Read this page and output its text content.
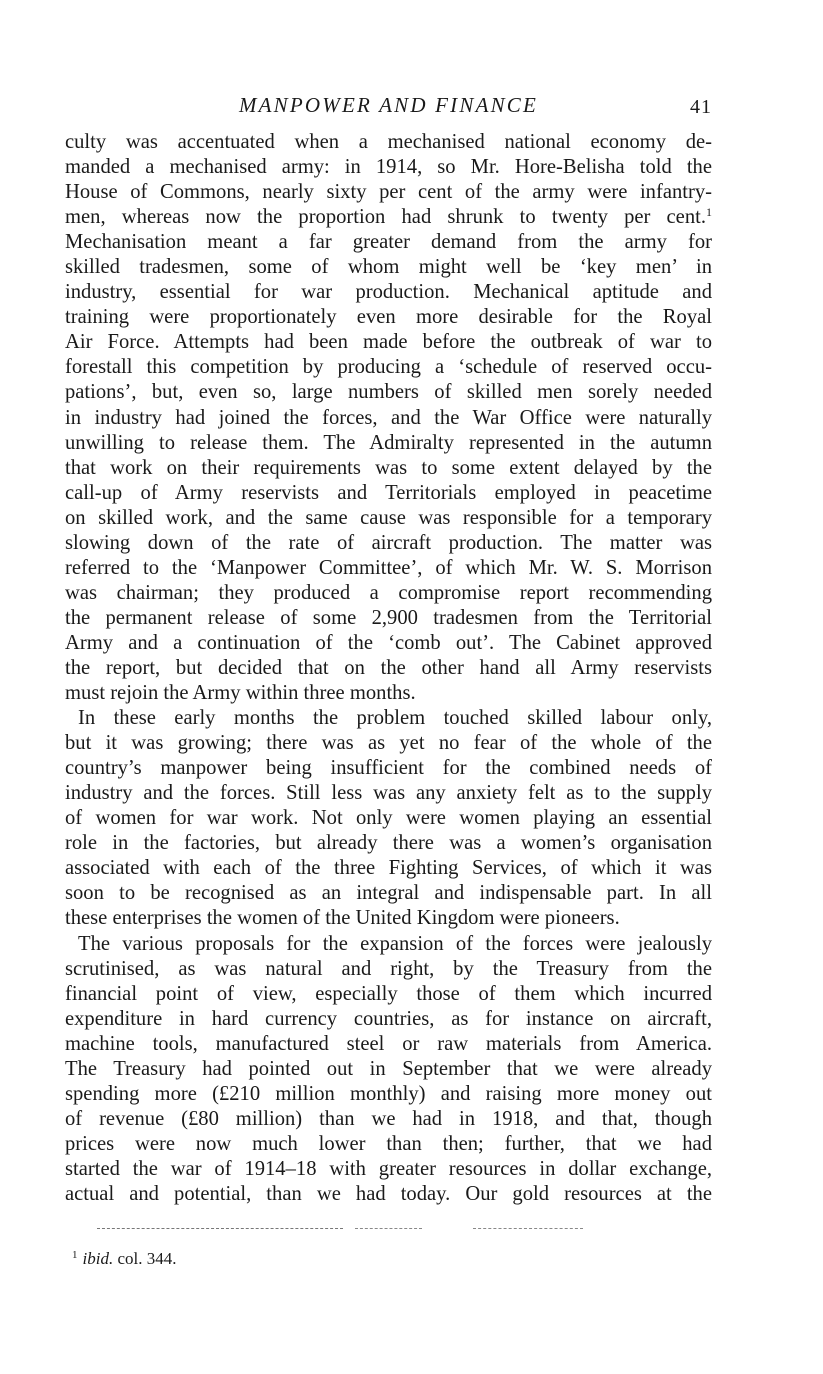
MANPOWER AND FINANCE	41
culty was accentuated when a mechanised national economy de-
manded a mechanised army: in 1914, so Mr. Hore-Belisha told the
House of Commons, nearly sixty per cent of the army were infantry-
men, whereas now the proportion had shrunk to twenty per cent.$^1$
Mechanisation meant a far greater demand from the army for
skilled tradesmen, some of whom might well be ‘key men’ in
industry, essential for war production. Mechanical aptitude and
training were proportionately even more desirable for the Royal
Air Force. Attempts had been made before the outbreak of war to
forestall this competition by producing a ‘schedule of reserved occu-
pations’, but, even so, large numbers of skilled men sorely needed
in industry had joined the forces, and the War Office were naturally
unwilling to release them. The Admiralty represented in the autumn
that work on their requirements was to some extent delayed by the
call-up of Army reservists and Territorials employed in peacetime
on skilled work, and the same cause was responsible for a temporary
slowing down of the rate of aircraft production. The matter was
referred to the ‘Manpower Committee’, of which Mr. W. S. Morrison
was chairman; they produced a compromise report recommending
the permanent release of some 2,900 tradesmen from the Territorial
Army and a continuation of the ‘comb out’. The Cabinet approved
the report, but decided that on the other hand all Army reservists
must rejoin the Army within three months.
In these early months the problem touched skilled labour only,
but it was growing; there was as yet no fear of the whole of the
country’s manpower being insufficient for the combined needs of
industry and the forces. Still less was any anxiety felt as to the supply
of women for war work. Not only were women playing an essential
role in the factories, but already there was a women’s organisation
associated with each of the three Fighting Services, of which it was
soon to be recognised as an integral and indispensable part. In all
these enterprises the women of the United Kingdom were pioneers.
The various proposals for the expansion of the forces were jealously
scrutinised, as was natural and right, by the Treasury from the
financial point of view, especially those of them which incurred
expenditure in hard currency countries, as for instance on aircraft,
machine tools, manufactured steel or raw materials from America.
The Treasury had pointed out in September that we were already
spending more (£210 million monthly) and raising more money out
of revenue (£80 million) than we had in 1918, and that, though
prices were now much lower than then; further, that we had
started the war of 1914–18 with greater resources in dollar exchange,
actual and potential, than we had today. Our gold resources at the
$^1$ ibid. col. 344.
